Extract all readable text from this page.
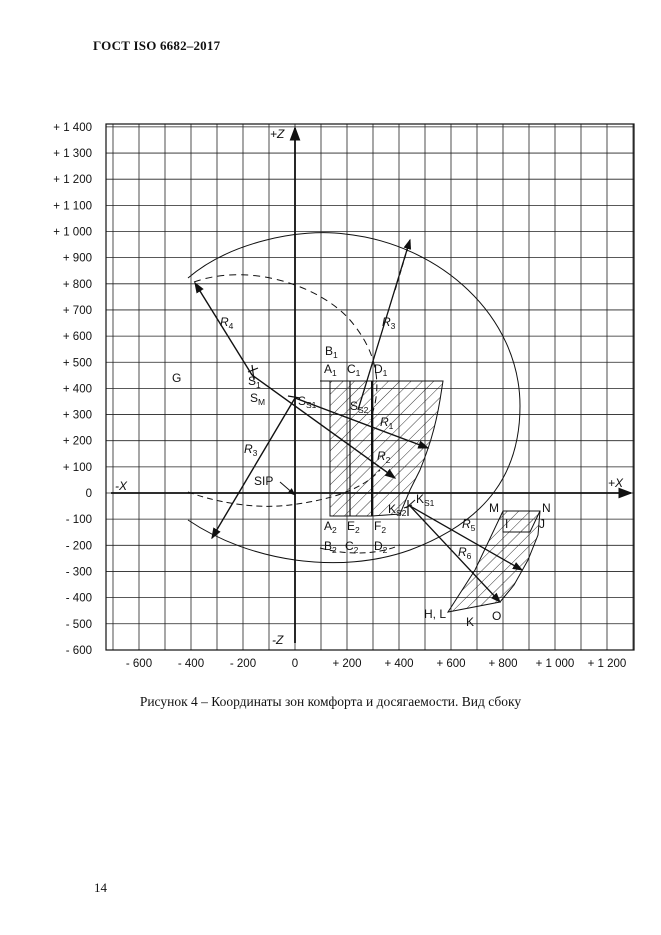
ГОСТ ISO 6682–2017
- 600 - 400 - 200	0	+ 200 + 400 + 600 + 800 + 1 000 + 1 200
+ 1 400
+ 1 300
+ 1 200
+ 1 100
+ 1 000
+ 900
+ 800
+ 700
+ 600
+ 500
+ 400
+ 300
+ 200
+ 100
0
- 100
- 200
- 300
- 400
- 500
- 600
+Z
-Z
+X
-X
G	$S_1$
$S_M$	$S_{S1}$	$S_{S2}$
SIP
$B_1$
$A_1$ $C_1$ $D_1$
$A_2$ $E_2$ $F_2$
$B_2$ $C_2$ $D_2$
$R_1$
$R_2$
$R_3$
$R_3$
$R_4$
$R_5$
$R_6$
$K_{S1}$
$K_{S2}$	M	N
I	J
H, L
K O
Рисунок 4 – Координаты зон комфорта и досягаемости. Вид сбоку
14
